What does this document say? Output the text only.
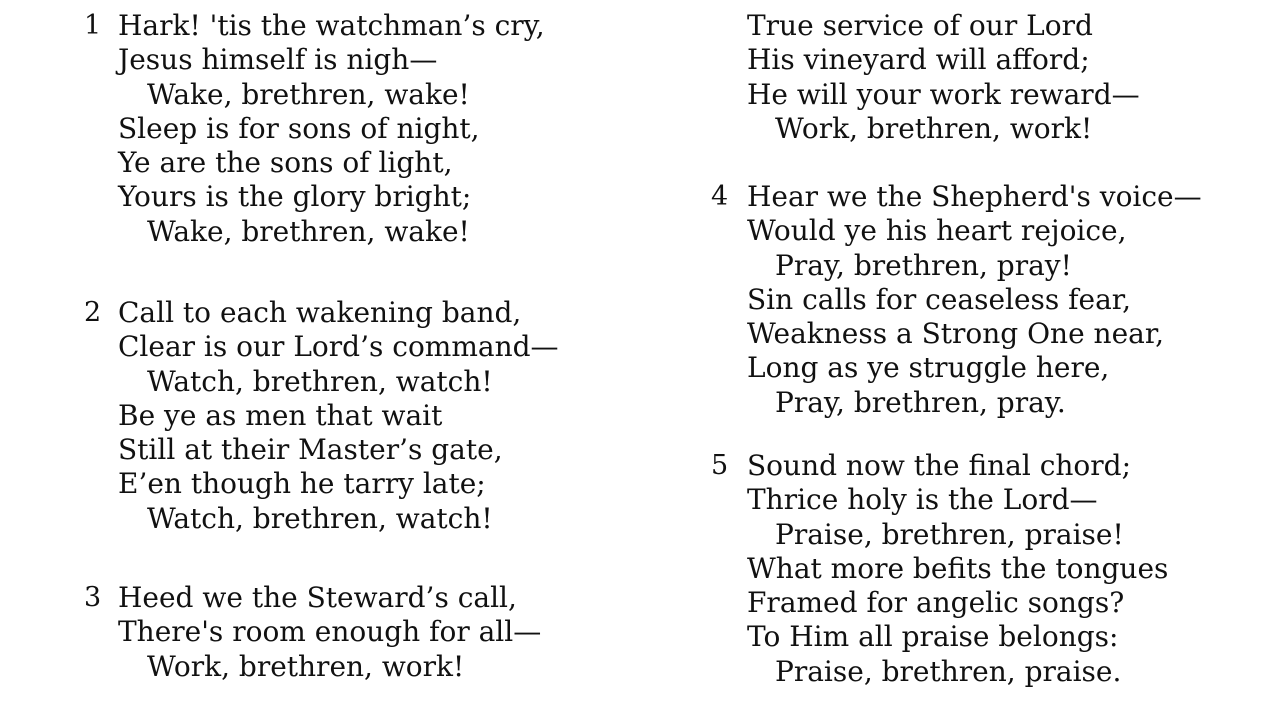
1 Hark! 'tis the watchman’s cry,
Jesus himself is nigh—
Wake, brethren, wake!
Sleep is for sons of night,
Ye are the sons of light,
Yours is the glory bright;
Wake, brethren, wake!
2 Call to each wakening band,
Clear is our Lord’s command—
Watch, brethren, watch!
Be ye as men that wait
Still at their Master’s gate,
E’en though he tarry late;
Watch, brethren, watch!
3 Heed we the Steward’s call,
There's room enough for all—
Work, brethren, work!
True service of our Lord
His vineyard will afford;
He will your work reward—
Work, brethren, work!
4 Hear we the Shepherd's voice—
Would ye his heart rejoice,
Pray, brethren, pray!
Sin calls for ceaseless fear,
Weakness a Strong One near,
Long as ye struggle here,
Pray, brethren, pray.
5 Sound now the final chord;
Thrice holy is the Lord—
Praise, brethren, praise!
What more befits the tongues
Framed for angelic songs?
To Him all praise belongs:
Praise, brethren, praise.
